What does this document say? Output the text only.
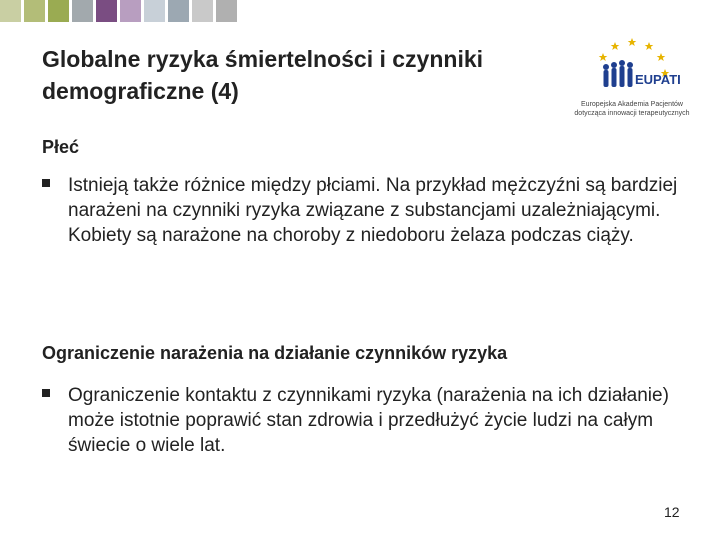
Globalne ryzyka śmiertelności i czynniki demograficzne (4)	EUPATI
Europejska Akademia Pacjentów dotycząca innowacji terapeutycznych
Płeć
Istnieją także różnice między płciami. Na przykład mężczyźni są bardziej narażeni na czynniki ryzyka związane z substancjami uzależniającymi. Kobiety są narażone na choroby z niedoboru żelaza podczas ciąży.
Ograniczenie narażenia na działanie czynników ryzyka
Ograniczenie kontaktu z czynnikami ryzyka (narażenia na ich działanie) może istotnie poprawić stan zdrowia i przedłużyć życie ludzi na całym świecie o wiele lat.
12
